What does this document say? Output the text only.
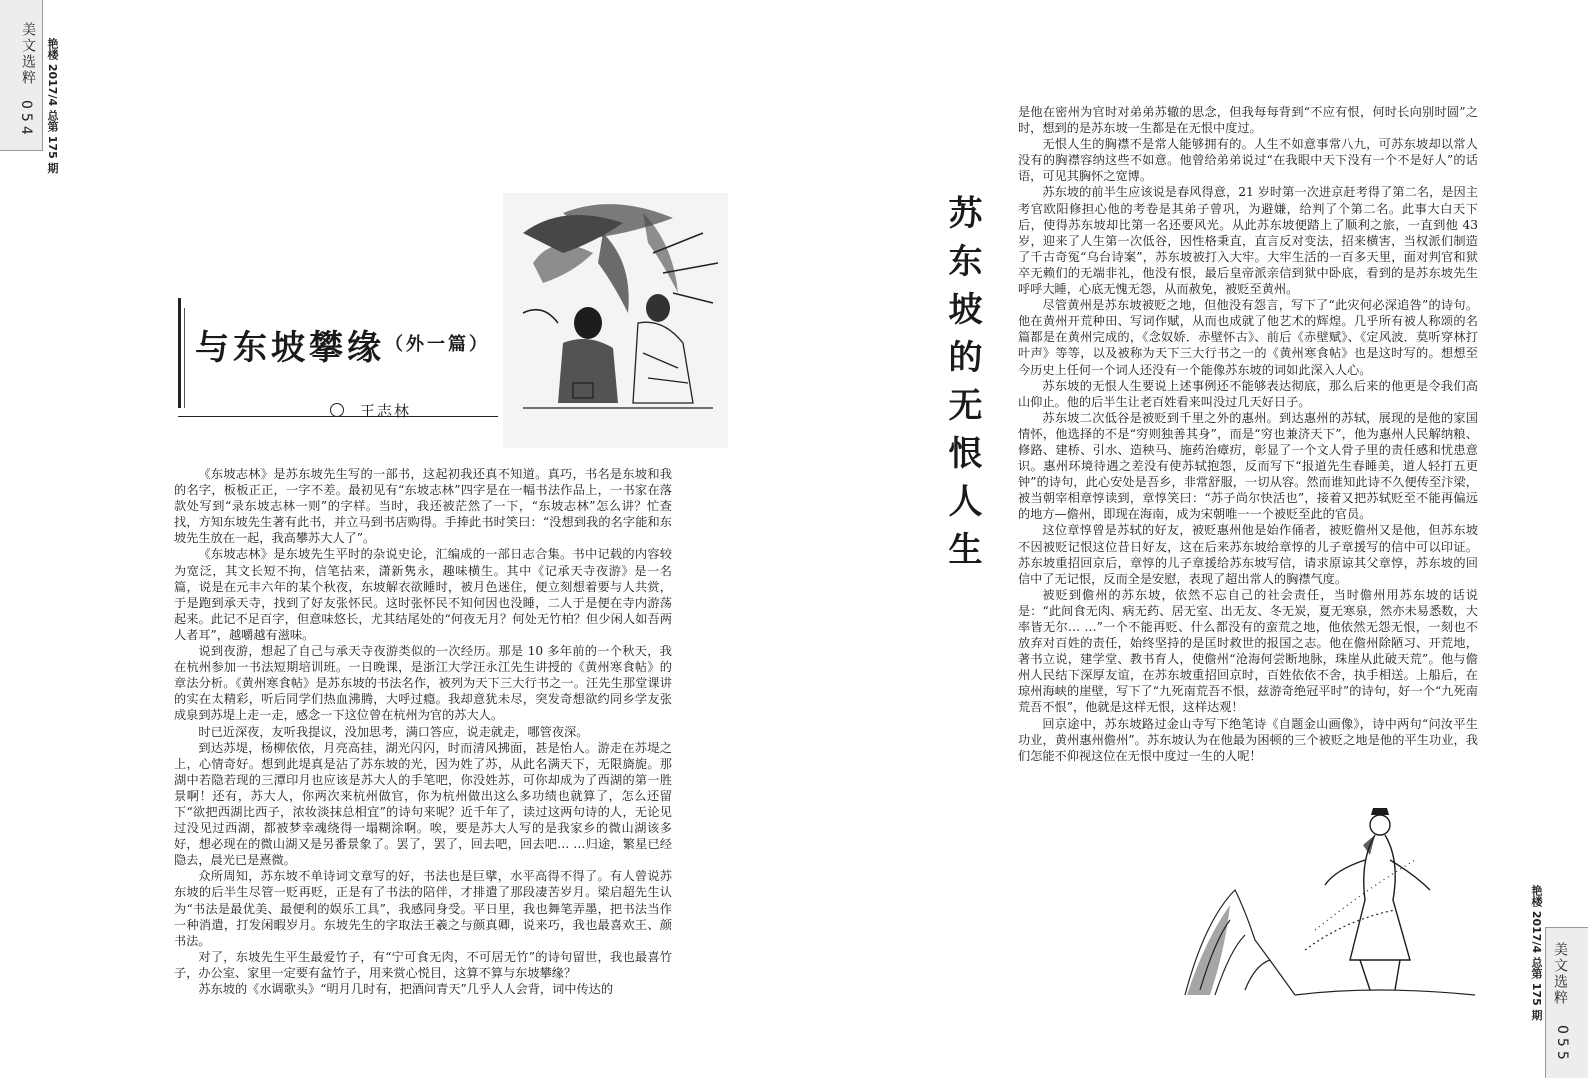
美文选粹
054 艳楼 2017/4 总第 175 期
与东坡攀缘 （外一篇）
王志林

《东坡志林》是苏东坡先生写的一部书，这起初我还真不知道。真巧，书名是东坡和我的名字，板板正正，一字不差。最初见有“东坡志林”四字是在一幅书法作品上，一书家在落款处写到“录东坡志林一则”的字样。当时，我还被茫然了一下，“东坡志林”怎么讲？忙查找，方知东坡先生著有此书，并立马到书店购得。手捧此书时笑曰：“没想到我的名字能和东坡先生放在一起，我高攀苏大人了”。

《东坡志林》是东坡先生平时的杂说史论，汇编成的一部日志合集。书中记载的内容较为宽泛，其文长短不拘，信笔拈来，潇新隽永，趣味横生。其中《记承天寺夜游》是一名篇，说是在元丰六年的某个秋夜，东坡解衣欲睡时，被月色迷住，便立刻想着要与人共赏，于是跑到承天寺，找到了好友张怀民。这时张怀民不知何因也没睡，二人于是便在寺内游荡起来。此记不足百字，但意味悠长，尤其结尾处的“何夜无月？何处无竹柏？但少闲人如吾两人者耳”，越嚼越有滋味。

说到夜游，想起了自己与承天寺夜游类似的一次经历。那是 10 多年前的一个秋天，我在杭州参加一书法短期培训班。一日晚课，是浙江大学汪永江先生讲授的《黄州寒食帖》的章法分析。《黄州寒食帖》是苏东坡的书法名作，被列为天下三大行书之一。汪先生那堂课讲的实在太精彩，听后同学们热血沸腾，大呼过瘾。我却意犹未尽，突发奇想欲约同乡学友张成泉到苏堤上走一走，感念一下这位曾在杭州为官的苏大人。

时已近深夜，友听我提议，没加思考，满口答应，说走就走，哪管夜深。

到达苏堤，杨柳依依，月亮高挂，湖光闪闪，时而清风拂面，甚是怡人。游走在苏堤之上，心情奇好。想到此堤真是沾了苏东坡的光，因为姓了苏，从此名满天下，无限旖旎。那湖中若隐若现的三潭印月也应该是苏大人的手笔吧，你没姓苏，可你却成为了西湖的第一胜景啊！还有，苏大人，你两次来杭州做官，你为杭州做出这么多功绩也就算了，怎么还留下“欲把西湖比西子，浓妆淡抹总相宜”的诗句来呢？近千年了，读过这两句诗的人，无论见过没见过西湖，都被梦幸魂绕得一塌糊涂啊。唉，要是苏大人写的是我家乡的微山湖该多好，想必现在的微山湖又是另番景象了。罢了，罢了，回去吧，回去吧… …归途，繁星已经隐去，晨光已是熹微。

众所周知，苏东坡不单诗词文章写的好，书法也是巨擘，水平高得不得了。有人曾说苏东坡的后半生尽管一贬再贬，正是有了书法的陪伴，才排遣了那段凄苦岁月。梁启超先生认为“书法是最优美、最便利的娱乐工具”，我感同身受。平日里，我也舞笔弄墨，把书法当作一种消遣，打发闲暇岁月。东坡先生的字取法王羲之与颜真卿，说来巧，我也最喜欢王、颜书法。

对了，东坡先生平生最爱竹子，有“宁可食无肉，不可居无竹”的诗句留世，我也最喜竹子，办公室、家里一定要有盆竹子，用来赏心悦目，这算不算与东坡攀缘？

苏东坡的《水调歌头》“明月几时有，把酒问青天”几乎人人会背，词中传达的

苏东坡的无恨人生

是他在密州为官时对弟弟苏辙的思念，但我每每背到“不应有恨，何时长向别时圆”之时，想到的是苏东坡一生都是在无恨中度过。

无恨人生的胸襟不是常人能够拥有的。人生不如意事常八九，可苏东坡却以常人没有的胸襟容纳这些不如意。他曾给弟弟说过“在我眼中天下没有一个不是好人”的话语，可见其胸怀之宽博。

苏东坡的前半生应该说是春风得意，21 岁时第一次进京赶考得了第二名，是因主考官欧阳修担心他的考卷是其弟子曾巩，为避嫌，给判了个第二名。此事大白天下后，使得苏东坡却比第一名还要风光。从此苏东坡便踏上了顺利之旅，一直到他 43 岁，迎来了人生第一次低谷，因性格秉直，直言反对变法，招来横害，当权派们制造了千古奇冤“乌台诗案”，苏东坡被打入大牢。大牢生活的一百多天里，面对判官和狱卒无赖们的无端非礼，他没有恨，最后皇帝派亲信到狱中卧底，看到的是苏东坡先生呼呼大睡，心底无愧无怨，从而赦免，被贬至黄州。

尽管黄州是苏东坡被贬之地，但他没有怨言，写下了“此灾何必深追咎”的诗句。他在黄州开荒种田、写词作赋，从而也成就了他艺术的辉煌。几乎所有被人称颂的名篇都是在黄州完成的，《念奴娇．赤壁怀古》、前后《赤壁赋》、《定风波．莫听穿林打叶声》等等，以及被称为天下三大行书之一的《黄州寒食帖》也是这时写的。想想至今历史上任何一个词人还没有一个能像苏东坡的词如此深入人心。

苏东坡的无恨人生要说上述事例还不能够表达彻底，那么后来的他更是令我们高山仰止。他的后半生让老百姓看来叫没过几天好日子。

苏东坡二次低谷是被贬到千里之外的惠州。到达惠州的苏轼，展现的是他的家国情怀，他选择的不是“穷则独善其身”，而是“穷也兼济天下”，他为惠州人民解纳粮、修路、建桥、引水、造秧马、施药治瘴疠，彰显了一个文人骨子里的责任感和忧患意识。惠州环境待遇之差没有使苏轼抱怨，反而写下“报道先生春睡美，道人轻打五更钟”的诗句，此心安处是吾乡，非常舒服，一切从容。然而谁知此诗不久便传至汴梁，被当朝宰相章惇读到，章惇笑曰：“苏子尚尔快活也”，接着又把苏轼贬至不能再偏远的地方—儋州，即现在海南，成为宋朝唯一一个被贬至此的官员。

这位章惇曾是苏轼的好友，被贬惠州他是始作俑者，被贬儋州又是他，但苏东坡不因被贬记恨这位昔日好友，这在后来苏东坡给章惇的儿子章援写的信中可以印证。苏东坡重招回京后，章惇的儿子章援给苏东坡写信，请求原谅其父章惇，苏东坡的回信中了无记恨，反而全是安慰，表现了超出常人的胸襟气度。

被贬到儋州的苏东坡，依然不忘自己的社会责任，当时儋州用苏东坡的话说是：“此间食无肉、病无药、居无室、出无友、冬无炭，夏无寒泉，然亦未易悉数，大率皆无尔… …”一个不能再贬、什么都没有的蛮荒之地，他依然无怨无恨，一刻也不放弃对百姓的责任，始终坚持的是匡时救世的报国之志。他在儋州除陋习、开荒地，著书立说，建学堂、教书育人，使儋州“沧海何尝断地脉，珠崖从此破天荒”。他与儋州人民结下深厚友谊，在苏东坡重招回京时，百姓依依不舍，执手相送。上船后，在琼州海峡的崖壁，写下了“九死南荒吾不恨，兹游奇绝冠平时”的诗句，好一个“九死南荒吾不恨”，他就是这样无恨，这样达观！

回京途中，苏东坡路过金山寺写下绝笔诗《自题金山画像》，诗中两句“问汝平生功业，黄州惠州儋州”。苏东坡认为在他最为困顿的三个被贬之地是他的平生功业，我们怎能不仰视这位在无恨中度过一生的人呢！

艳楼 2017/4 总第 175 期 美文选粹
055
